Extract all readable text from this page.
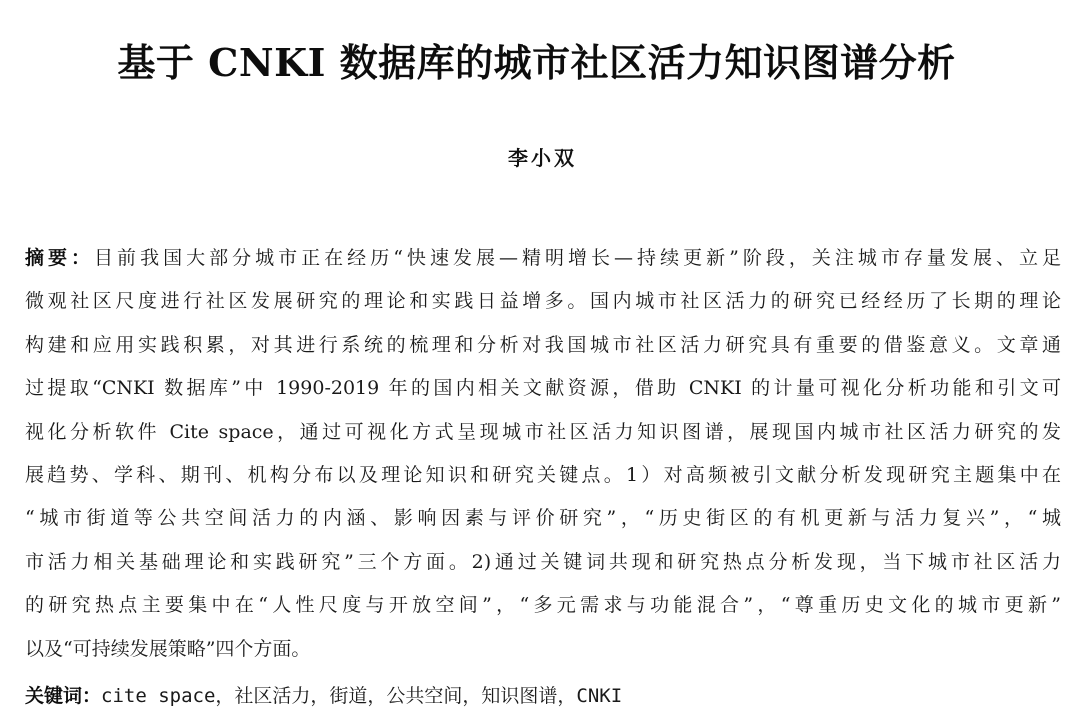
基于 CNKI 数据库的城市社区活力知识图谱分析
李小双
摘要：目前我国大部分城市正在经历“快速发展—精明增长—持续更新”阶段，关注城市存量发展、立足
微观社区尺度进行社区发展研究的理论和实践日益增多。国内城市社区活力的研究已经经历了长期的理论
构建和应用实践积累，对其进行系统的梳理和分析对我国城市社区活力研究具有重要的借鉴意义。文章通
过提取“CNKI 数据库”中 1990-2019 年的国内相关文献资源，借助 CNKI 的计量可视化分析功能和引文可
视化分析软件 Cite space，通过可视化方式呈现城市社区活力知识图谱，展现国内城市社区活力研究的发
展趋势、学科、期刊、机构分布以及理论知识和研究关键点。1）对高频被引文献分析发现研究主题集中在
“城市街道等公共空间活力的内涵、影响因素与评价研究”，“历史街区的有机更新与活力复兴”，“城
市活力相关基础理论和实践研究”三个方面。2)通过关键词共现和研究热点分析发现，当下城市社区活力
的研究热点主要集中在“人性尺度与开放空间”，“多元需求与功能混合”，“尊重历史文化的城市更新”
以及“可持续发展策略”四个方面。
关键词：cite space，社区活力，街道，公共空间，知识图谱，CNKI
